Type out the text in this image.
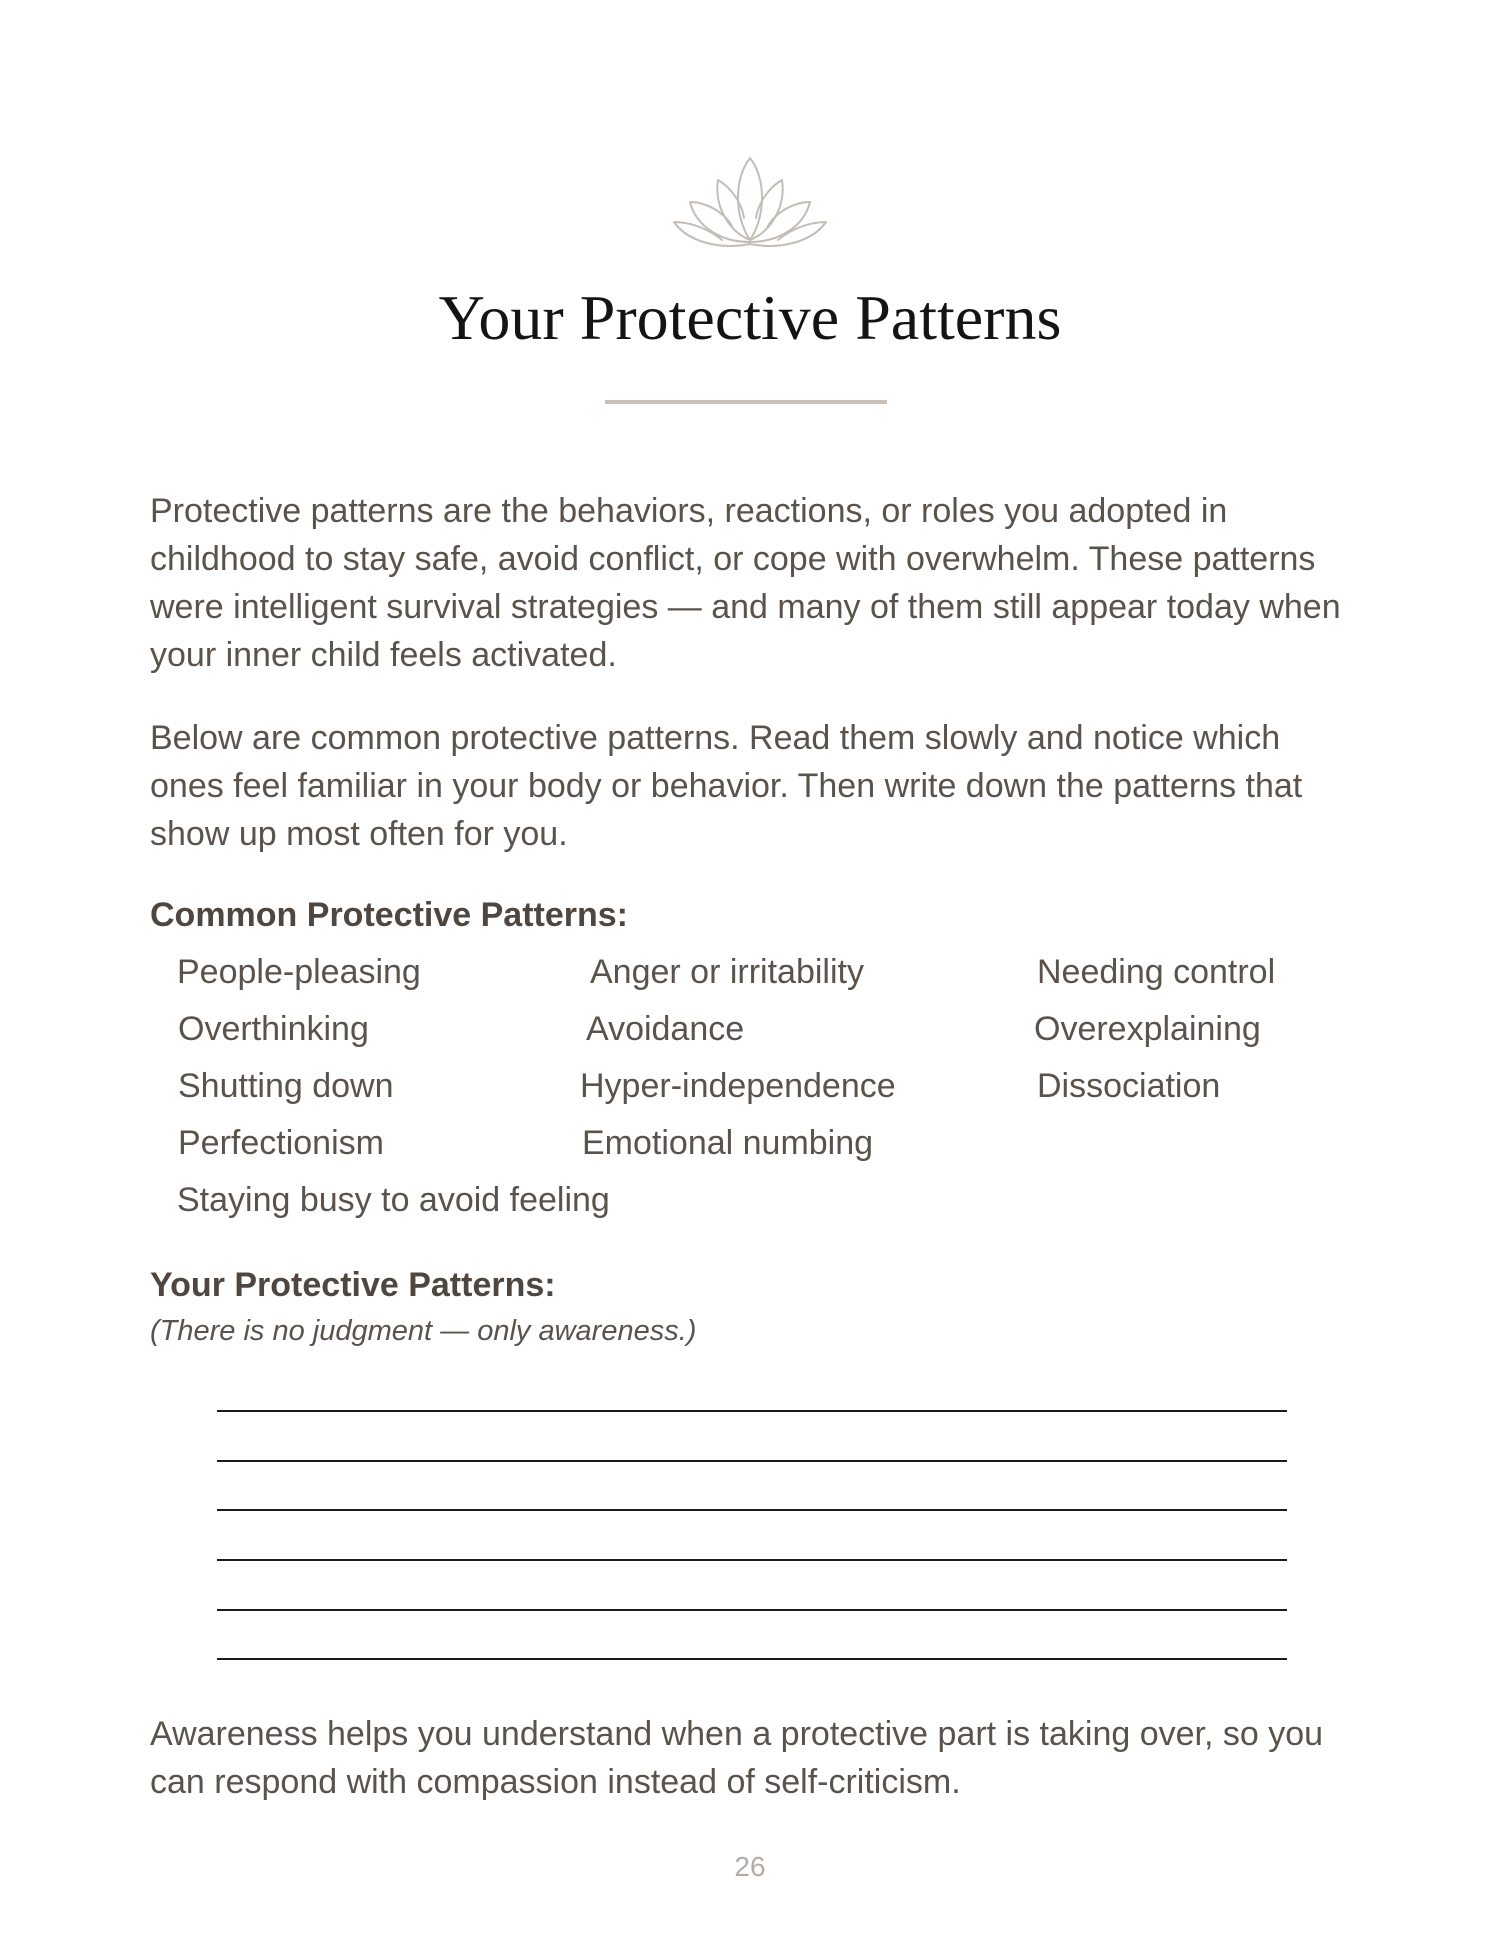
Your Protective Patterns

Protective patterns are the behaviors, reactions, or roles you adopted in childhood to stay safe, avoid conflict, or cope with overwhelm. These patterns were intelligent survival strategies — and many of them still appear today when your inner child feels activated.

Below are common protective patterns. Read them slowly and notice which ones feel familiar in your body or behavior. Then write down the patterns that show up most often for you.

Common Protective Patterns:
People-pleasing	Anger or irritability	Needing control
Overthinking	Avoidance	Overexplaining
Shutting down	Hyper-independence	Dissociation
Perfectionism	Emotional numbing
Staying busy to avoid feeling
Your Protective Patterns:
(There is no judgment — only awareness.)

Awareness helps you understand when a protective part is taking over, so you can respond with compassion instead of self-criticism.

26
